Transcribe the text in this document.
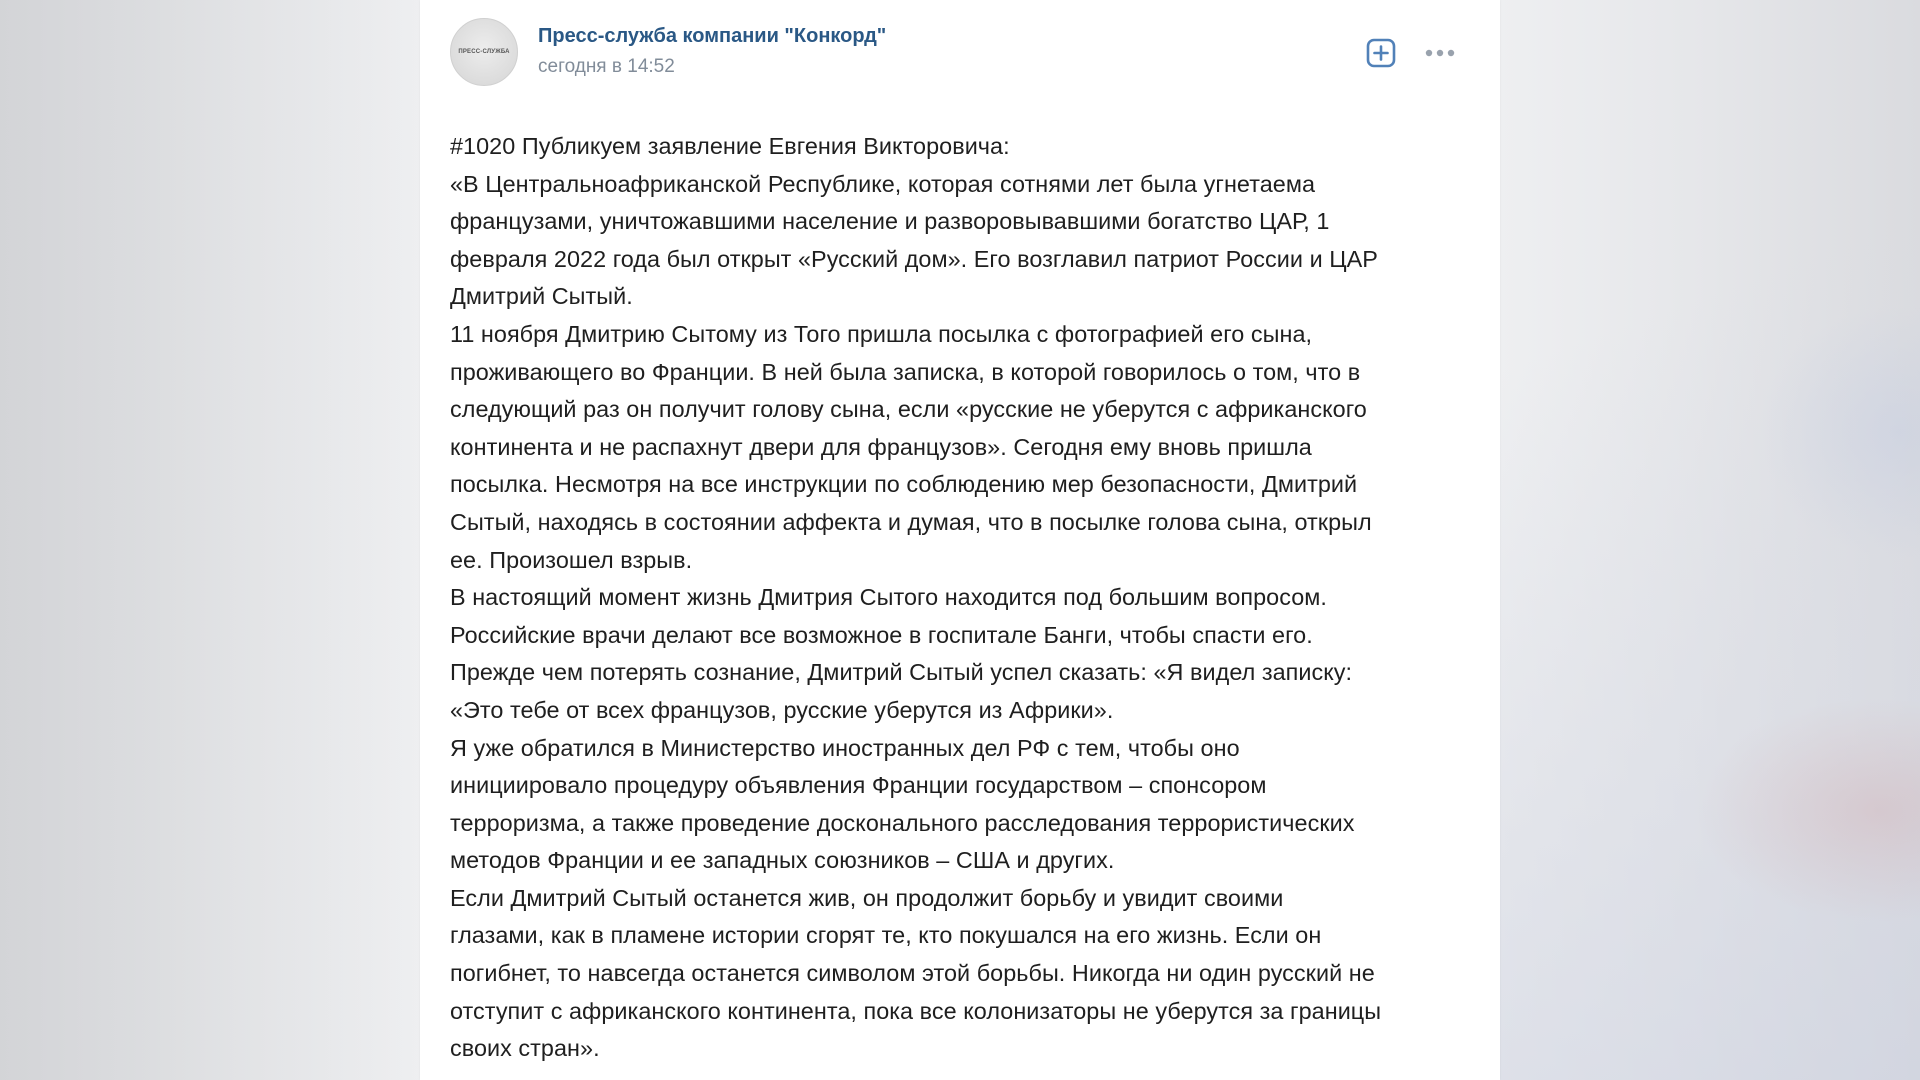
ПРЕСС-СЛУЖБА
Пресс-служба компании "Конкорд"
сегодня в 14:52

#1020 Публикуем заявление Евгения Викторовича:

«В Центральноафриканской Республике, которая сотнями лет была угнетаема

французами, уничтожавшими население и разворовывавшими богатство ЦАР, 1

февраля 2022 года был открыт «Русский дом». Его возглавил патриот России и ЦАР

Дмитрий Сытый.

11 ноября Дмитрию Сытому из Того пришла посылка с фотографией его сына,

проживающего во Франции. В ней была записка, в которой говорилось о том, что в

следующий раз он получит голову сына, если «русские не уберутся с африканского

континента и не распахнут двери для французов». Сегодня ему вновь пришла

посылка. Несмотря на все инструкции по соблюдению мер безопасности, Дмитрий

Сытый, находясь в состоянии аффекта и думая, что в посылке голова сына, открыл

ее. Произошел взрыв.

В настоящий момент жизнь Дмитрия Сытого находится под большим вопросом.

Российские врачи делают все возможное в госпитале Банги, чтобы спасти его.

Прежде чем потерять сознание, Дмитрий Сытый успел сказать: «Я видел записку:

«Это тебе от всех французов, русские уберутся из Африки».

Я уже обратился в Министерство иностранных дел РФ с тем, чтобы оно

инициировало процедуру объявления Франции государством – спонсором

терроризма, а также проведение досконального расследования террористических

методов Франции и ее западных союзников – США и других.

Если Дмитрий Сытый останется жив, он продолжит борьбу и увидит своими

глазами, как в пламене истории сгорят те, кто покушался на его жизнь. Если он

погибнет, то навсегда останется символом этой борьбы. Никогда ни один русский не

отступит с африканского континента, пока все колонизаторы не уберутся за границы

своих стран».
